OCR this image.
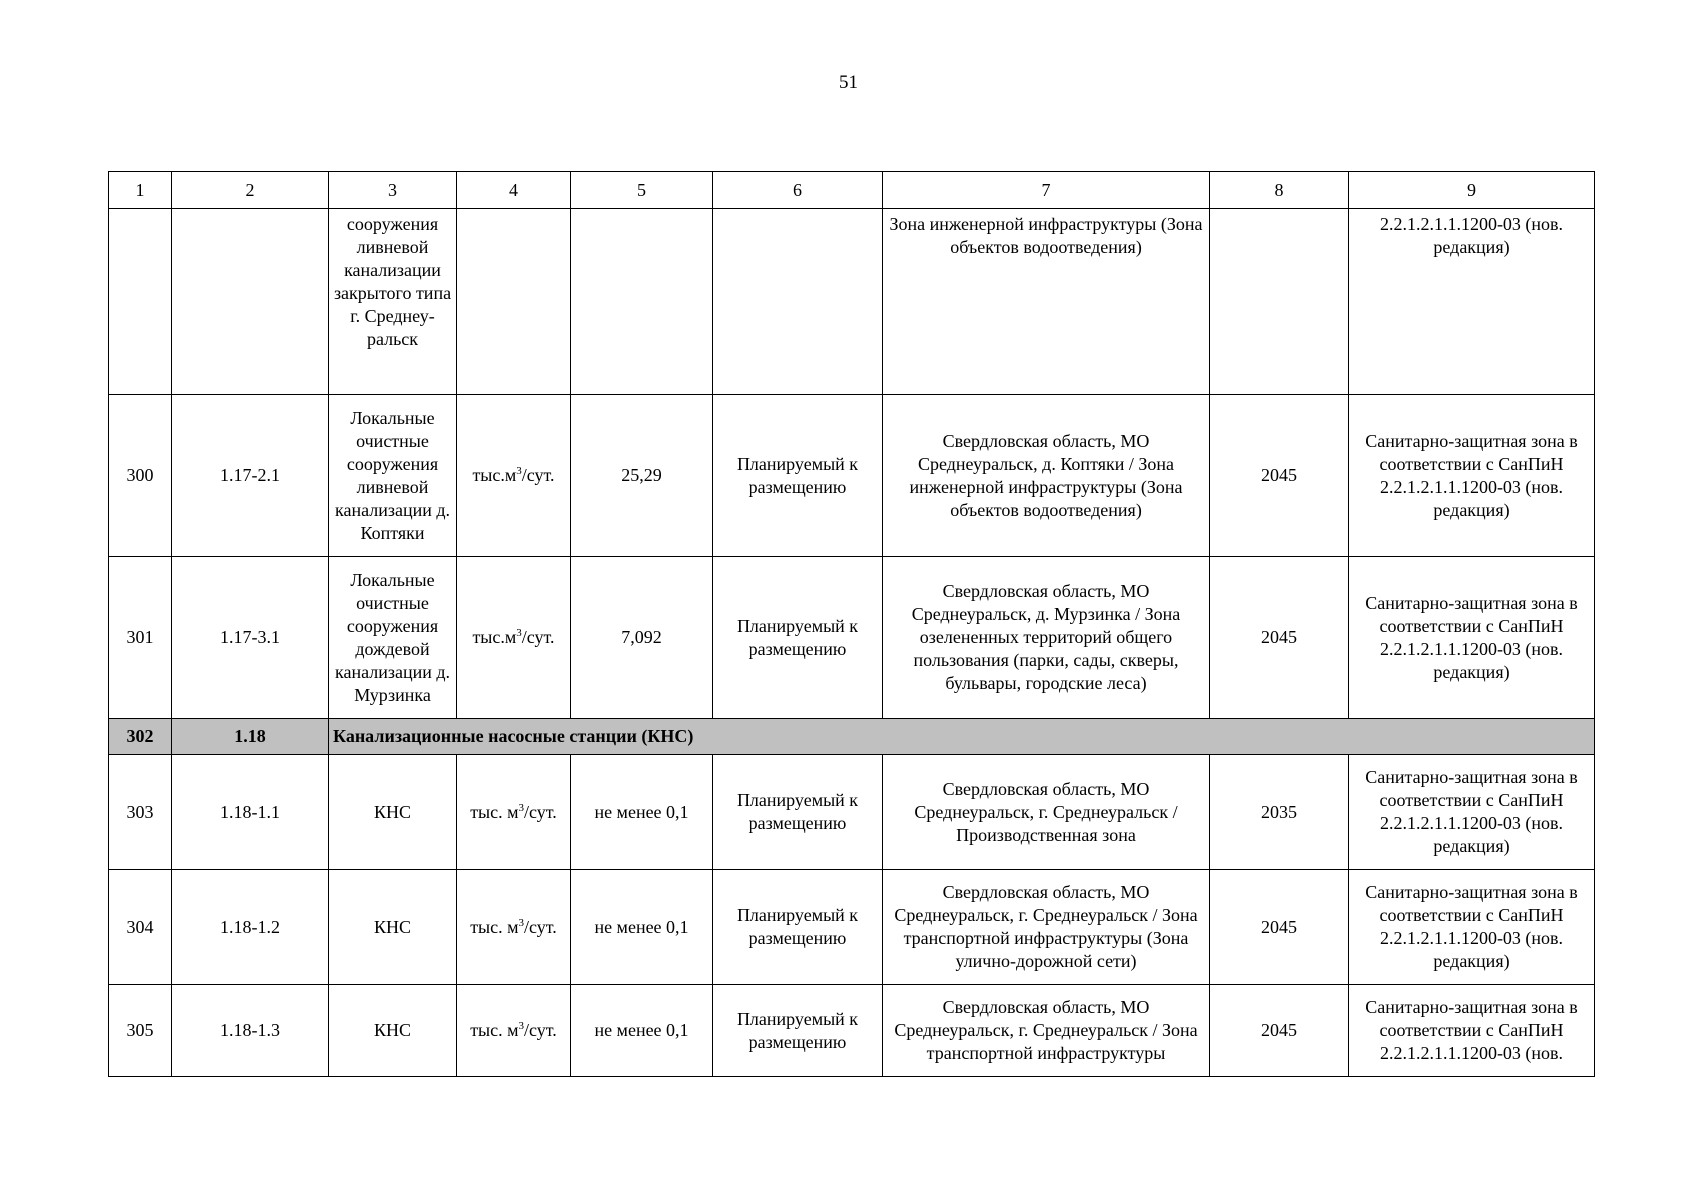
51
1	2	3	4	5	6	7	8	9
		сооружения ливневой канализации закрытого типа г. Среднеу-ральск				Зона инженерной инфраструктуры (Зона объектов водоотведения)		2.2.1.2.1.1.1200-03 (нов. редакция)
300	1.17-2.1	Локальные очистные сооружения ливневой канализации д. Коптяки	$тыс.м^3$/сут.	25,29	Планируемый к размещению	Свердловская область, МО Среднеуральск, д. Коптяки / Зона инженерной инфраструктуры (Зона объектов водоотведения)	2045	Санитарно-защитная зона в соответствии с СанПиН 2.2.1.2.1.1.1200-03 (нов. редакция)
301	1.17-3.1	Локальные очистные сооружения дождевой канализации д. Мурзинка	$тыс.м^3$/сут.	7,092	Планируемый к размещению	Свердловская область, МО Среднеуральск, д. Мурзинка / Зона озелененных территорий общего пользования (парки, сады, скверы, бульвары, городские леса)	2045	Санитарно-защитная зона в соответствии с СанПиН 2.2.1.2.1.1.1200-03 (нов. редакция)
302	1.18	Канализационные насосные станции (КНС)						
303	1.18-1.1	КНС	тыс. $м^3$/сут.	не менее 0,1	Планируемый к размещению	Свердловская область, МО Среднеуральск, г. Среднеуральск / Производственная зона	2035	Санитарно-защитная зона в соответствии с СанПиН 2.2.1.2.1.1.1200-03 (нов. редакция)
304	1.18-1.2	КНС	тыс. $м^3$/сут.	не менее 0,1	Планируемый к размещению	Свердловская область, МО Среднеуральск, г. Среднеуральск / Зона транспортной инфраструктуры (Зона улично-дорожной сети)	2045	Санитарно-защитная зона в соответствии с СанПиН 2.2.1.2.1.1.1200-03 (нов. редакция)
305	1.18-1.3	КНС	тыс. $м^3$/сут.	не менее 0,1	Планируемый к размещению	Свердловская область, МО Среднеуральск, г. Среднеуральск / Зона транспортной инфраструктуры	2045	Санитарно-защитная зона в соответствии с СанПиН 2.2.1.2.1.1.1200-03 (нов.
